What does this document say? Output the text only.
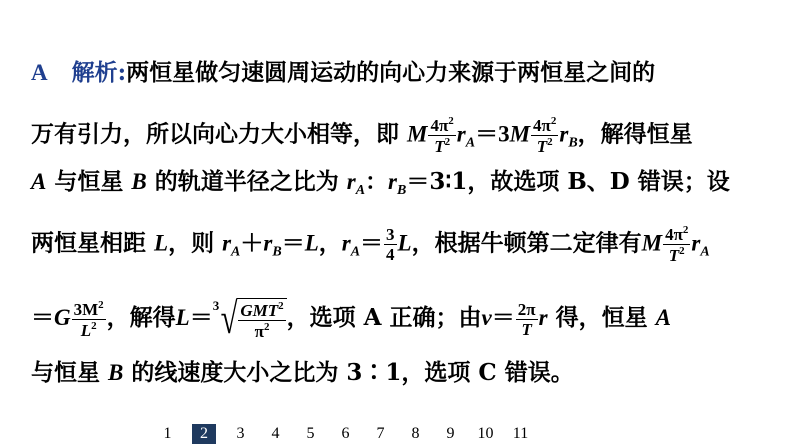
A 解析:两恒星做匀速圆周运动的向心力来源于两恒星之间的
万有引力，所以向心力大小相等，即 M $\frac{4\pi^2}{T^2} r_A=3M \frac{4\pi^2}{T^2} r_B$，解得恒星
A 与恒星 B 的轨道半径之比为 $r_A$：$r_B=3∶1$，故选项 B、D 错误；设
两恒星相距 L，则 $r_A+r_B=L$，$r_A= \frac{3}{4}$ L，根据牛顿第二定律有M $\frac{4\pi^2}{T^2} r_A$
$=G \frac{3M^2}{L^2}$ ，解得L＝ 3 √ $\frac{GMT^2}{\pi^2}$ ，选项 A 正确；由$v= \frac{2\pi}{T}$ r 得，恒星 A
与恒星 B 的线速度大小之比为 3∶1，选项 C 错误。
1	2	3	4	5	6	7	8	9	10	11
